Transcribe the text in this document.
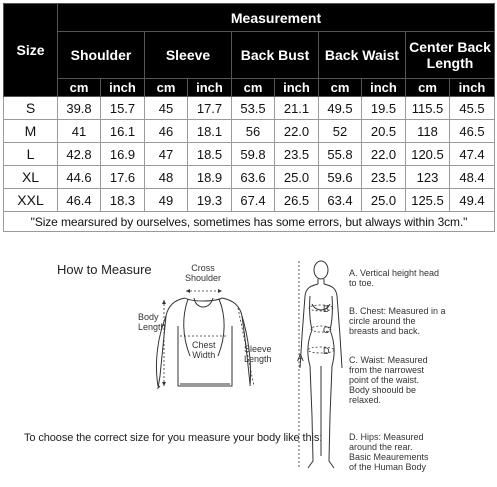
Size	Measurement									
	Shoulder		Sleeve		Back Bust		Back Waist		Center Back Length	
	cm	inch	cm	inch	cm	inch	cm	inch	cm	inch
S	39.8	15.7	45	17.7	53.5	21.1	49.5	19.5	115.5	45.5
M	41	16.1	46	18.1	56	22.0	52	20.5	118	46.5
L	42.8	16.9	47	18.5	59.8	23.5	55.8	22.0	120.5	47.4
XL	44.6	17.6	48	18.9	63.6	25.0	59.6	23.5	123	48.4
XXL	46.4	18.3	49	19.3	67.4	26.5	63.4	25.0	125.5	49.4
"Size mearsured by ourselves, sometimes has some errors, but always within 3cm."										
How to Measure	Cross
Shoulder
Body
Length
Chest
Width
Sleeve
Length
To choose the correct size for you measure your body like this:
A
B
C
D
A. Vertical height head
to toe.
B. Chest: Measured in a
circle around the
breasts and back.
C. Waist: Measured
from the narrowest
point of the waist.
Body shoould be
relaxed.
D. Hips: Measured
around the rear.
Basic Meaurements
of the Human Body
